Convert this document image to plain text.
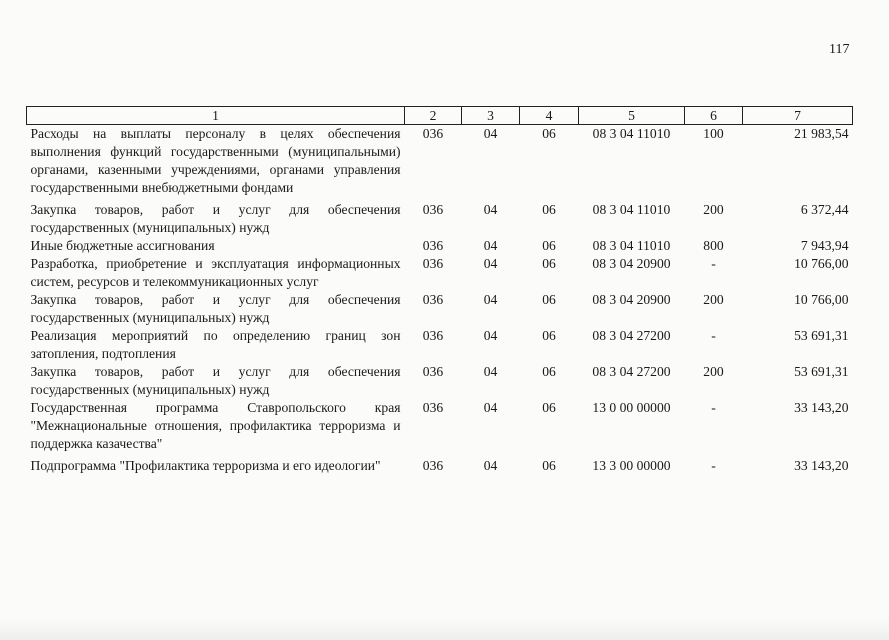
117
1	2	3	4	5	6	7
Расходы на выплаты персоналу в целях обеспечения выполнения функций государственными (муниципальными) органами, казенными учреждениями, органами управления государственными внебюджетными фондами	036	04	06	08 3 04 11010	100	21 983,54
Закупка товаров, работ и услуг для обеспечения государственных (муниципальных) нужд	036	04	06	08 3 04 11010	200	6 372,44
Иные бюджетные ассигнования	036	04	06	08 3 04 11010	800	7 943,94
Разработка, приобретение и эксплуатация информационных систем, ресурсов и телекоммуникационных услуг	036	04	06	08 3 04 20900	-	10 766,00
Закупка товаров, работ и услуг для обеспечения государственных (муниципальных) нужд	036	04	06	08 3 04 20900	200	10 766,00
Реализация мероприятий по определению границ зон затопления, подтопления	036	04	06	08 3 04 27200	-	53 691,31
Закупка товаров, работ и услуг для обеспечения государственных (муниципальных) нужд	036	04	06	08 3 04 27200	200	53 691,31
Государственная программа Ставропольского края "Межнациональные отношения, профилактика терроризма и поддержка казачества"	036	04	06	13 0 00 00000	-	33 143,20
Подпрограмма "Профилактика терроризма и его идеологии"	036	04	06	13 3 00 00000	-	33 143,20
